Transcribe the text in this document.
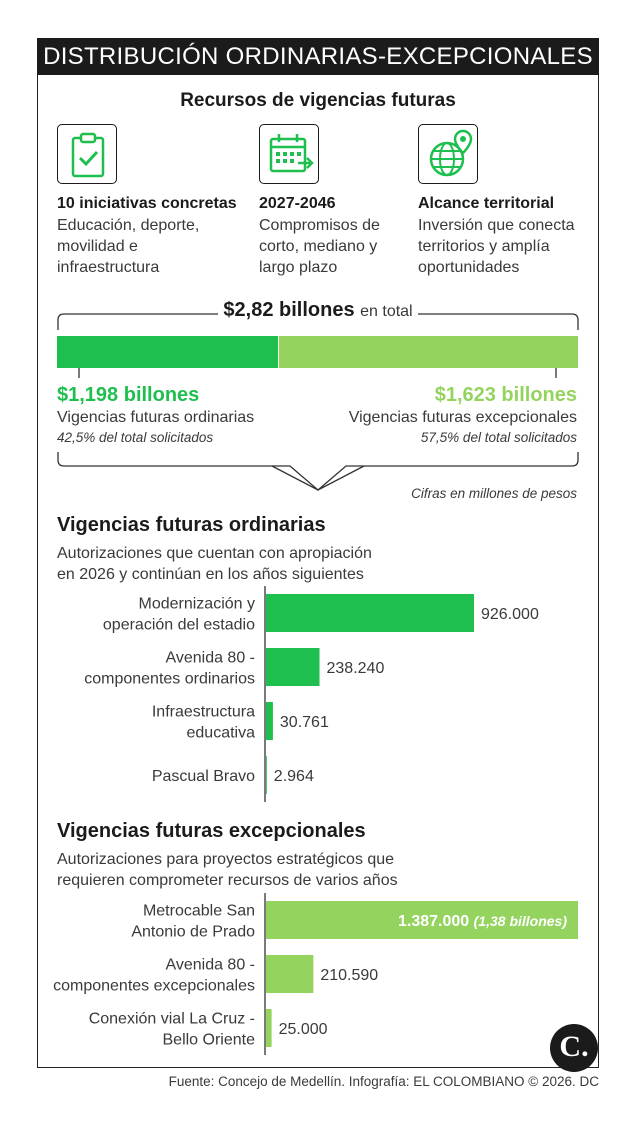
DISTRIBUCIÓN ORDINARIAS-EXCEPCIONALES
Recursos de vigencias futuras
10 iniciativas concretas
Educación, deporte,
movilidad e
infraestructura
2027-2046
Compromisos de
corto, mediano y
largo plazo
Alcance territorial
Inversión que conecta
territorios y amplía
oportunidades
$2,82 billones en total
$1,198 billones
Vigencias futuras ordinarias
42,5% del total solicitados
$1,623 billones
Vigencias futuras excepcionales
57,5% del total solicitados
Cifras en millones de pesos
Vigencias futuras ordinarias
Autorizaciones que cuentan con apropiación
en 2026 y continúan en los años siguientes
Modernización y
operación del estadio
926.000
Avenida 80 -
componentes ordinarios
238.240
Infraestructura
educativa
30.761
Pascual Bravo 2.964
Vigencias futuras excepcionales
Autorizaciones para proyectos estratégicos que
requieren comprometer recursos de varios años
Metrocable San
Antonio de Prado
1.387.000 (1,38 billones)
Avenida 80 -
componentes excepcionales
210.590
Conexión vial La Cruz -
Bello Oriente
25.000
C.
Fuente: Concejo de Medellín. Infografía: EL COLOMBIANO © 2026. DC
